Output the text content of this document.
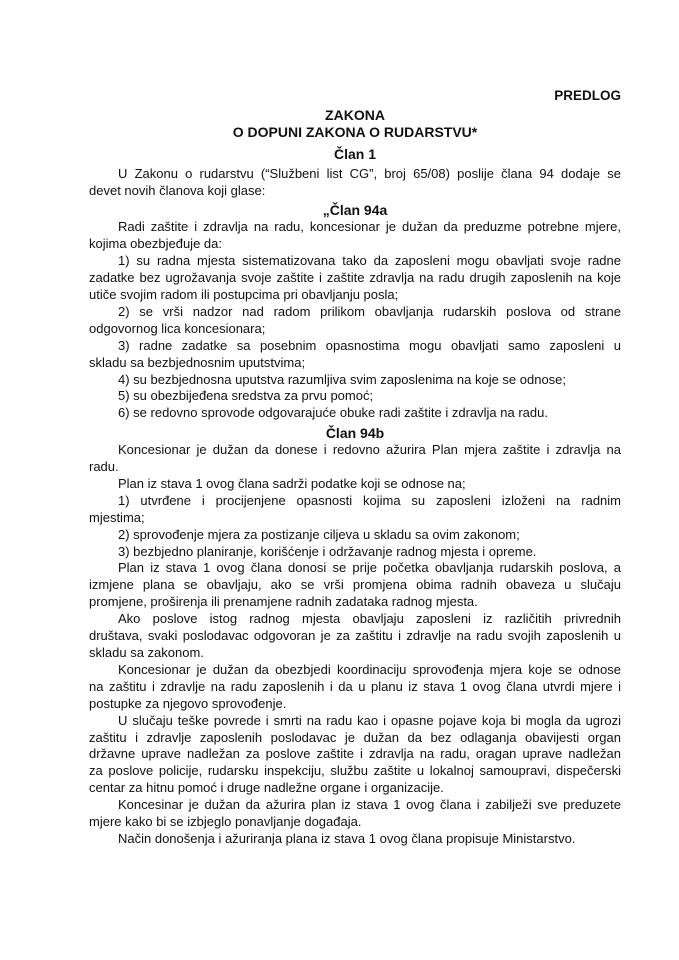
PREDLOG
ZAKONA
O DOPUNI ZAKONA O RUDARSTVU*
Član 1
U Zakonu o rudarstvu (“Službeni list CG”, broj 65/08) poslije člana 94 dodaje se
devet novih članova koji glase:
„Član 94a
Radi zaštite i zdravlja na radu, koncesionar je dužan da preduzme potrebne mjere,
kojima obezbjeđuje da:
1) su radna mjesta sistematizovana tako da zaposleni mogu obavljati svoje radne
zadatke bez ugrožavanja svoje zaštite i zaštite zdravlja na radu drugih zaposlenih na koje
utiče svojim radom ili postupcima pri obavljanju posla;
2) se vrši nadzor nad radom prilikom obavljanja rudarskih poslova od strane
odgovornog lica koncesionara;
3) radne zadatke sa posebnim opasnostima mogu obavljati samo zaposleni u
skladu sa bezbjednosnim uputstvima;
4) su bezbjednosna uputstva razumljiva svim zaposlenima na koje se odnose;
5) su obezbijeđena sredstva za prvu pomoć;
6) se redovno sprovode odgovarajuće obuke radi zaštite i zdravlja na radu.
Član 94b
Koncesionar je dužan da donese i redovno ažurira Plan mjera zaštite i zdravlja na
radu.
Plan iz stava 1 ovog člana sadrži podatke koji se odnose na;
1) utvrđene i procijenjene opasnosti kojima su zaposleni izloženi na radnim
mjestima;
2) sprovođenje mjera za postizanje ciljeva u skladu sa ovim zakonom;
3) bezbjedno planiranje, korišćenje i održavanje radnog mjesta i opreme.
Plan iz stava 1 ovog člana donosi se prije početka obavljanja rudarskih poslova, a
izmjene plana se obavljaju, ako se vrši promjena obima radnih obaveza u slučaju
promjene, proširenja ili prenamjene radnih zadataka radnog mjesta.
Ako poslove istog radnog mjesta obavljaju zaposleni iz različitih privrednih
društava, svaki poslodavac odgovoran je za zaštitu i zdravlje na radu svojih zaposlenih u
skladu sa zakonom.
Koncesionar je dužan da obezbjedi koordinaciju sprovođenja mjera koje se odnose
na zaštitu i zdravlje na radu zaposlenih i da u planu iz stava 1 ovog člana utvrdi mjere i
postupke za njegovo sprovođenje.
U slučaju teške povrede i smrti na radu kao i opasne pojave koja bi mogla da ugrozi
zaštitu i zdravlje zaposlenih poslodavac je dužan da bez odlaganja obavijesti organ
državne uprave nadležan za poslove zaštite i zdravlja na radu, oragan uprave nadležan
za poslove policije, rudarsku inspekciju, službu zaštite u lokalnoj samoupravi, dispečerski
centar za hitnu pomoć i druge nadležne organe i organizacije.
Koncesinar je dužan da ažurira plan iz stava 1 ovog člana i zabilježi sve preduzete
mjere kako bi se izbjeglo ponavljanje događaja.
Način donošenja i ažuriranja plana iz stava 1 ovog člana propisuje Ministarstvo.
